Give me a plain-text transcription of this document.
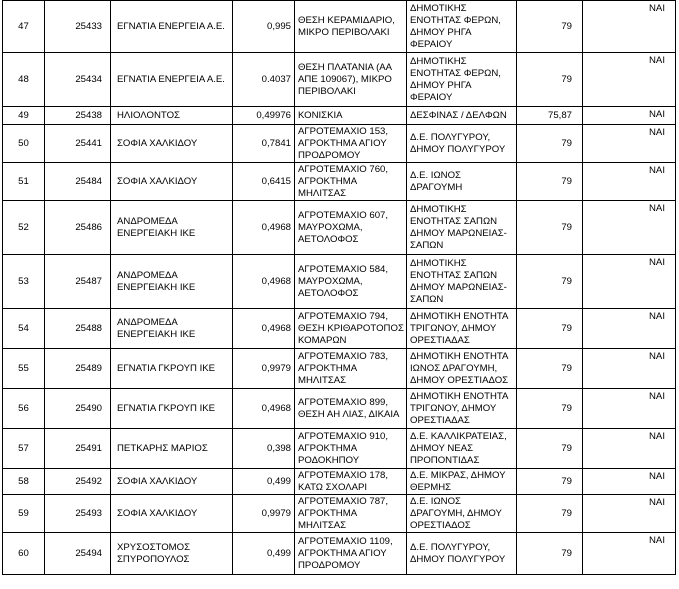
47	25433	ΕΓΝΑΤΙΑ ΕΝΕΡΓΕΙΑ Α.Ε.	0,995	ΘΕΣΗ ΚΕΡΑΜΙΔΑΡΙΟ,
ΜΙΚΡΟ ΠΕΡΙΒΟΛΑΚΙ	ΔΗΜΟΤΙΚΗΣ
ΕΝΟΤΗΤΑΣ ΦΕΡΩΝ,
ΔΗΜΟΥ ΡΗΓΑ
ΦΕΡΑΙΟΥ	79	ΝΑΙ
48	25434	ΕΓΝΑΤΙΑ ΕΝΕΡΓΕΙΑ Α.Ε.	0.4037	ΘΕΣΗ ΠΛΑΤΑΝΙΑ (ΑΑ
ΑΠΕ 109067), ΜΙΚΡΟ
ΠΕΡΙΒΟΛΑΚΙ	ΔΗΜΟΤΙΚΗΣ
ΕΝΟΤΗΤΑΣ ΦΕΡΩΝ,
ΔΗΜΟΥ ΡΗΓΑ
ΦΕΡΑΙΟΥ	79	ΝΑΙ
49	25438	ΗΛΙΟΛΟΝΤΟΣ	0,49976	ΚΟΝΙΣΚΙΑ	ΔΕΣΦΙΝΑΣ / ΔΕΛΦΩΝ	75,87	ΝΑΙ
50	25441	ΣΟΦΙΑ ΧΑΛΚΙΔΟΥ	0,7841	ΑΓΡΟΤΕΜΑΧΙΟ 153,
ΑΓΡΟΚΤΗΜΑ ΑΓΙΟΥ
ΠΡΟΔΡΟΜΟΥ	Δ.Ε. ΠΟΛΥΓΥΡΟΥ,
ΔΗΜΟΥ ΠΟΛΥΓΥΡΟΥ	79	ΝΑΙ
51	25484	ΣΟΦΙΑ ΧΑΛΚΙΔΟΥ	0,6415	ΑΓΡΟΤΕΜΑΧΙΟ 760,
ΑΓΡΟΚΤΗΜΑ
ΜΗΛΙΤΣΑΣ	Δ.Ε. ΙΩΝΟΣ
ΔΡΑΓΟΥΜΗ	79	ΝΑΙ
52	25486	ΑΝΔΡΟΜΕΔΑ
ΕΝΕΡΓΕΙΑΚΗ ΙΚΕ	0,4968	ΑΓΡΟΤΕΜΑΧΙΟ 607,
ΜΑΥΡΟΧΩΜΑ,
ΑΕΤΟΛΟΦΟΣ	ΔΗΜΟΤΙΚΗΣ
ΕΝΟΤΗΤΑΣ ΣΑΠΩΝ
ΔΗΜΟΥ ΜΑΡΩΝΕΙΑΣ-
ΣΑΠΩΝ	79	ΝΑΙ
53	25487	ΑΝΔΡΟΜΕΔΑ
ΕΝΕΡΓΕΙΑΚΗ ΙΚΕ	0,4968	ΑΓΡΟΤΕΜΑΧΙΟ 584,
ΜΑΥΡΟΧΩΜΑ,
ΑΕΤΟΛΟΦΟΣ	ΔΗΜΟΤΙΚΗΣ
ΕΝΟΤΗΤΑΣ ΣΑΠΩΝ
ΔΗΜΟΥ ΜΑΡΩΝΕΙΑΣ-
ΣΑΠΩΝ	79	ΝΑΙ
54	25488	ΑΝΔΡΟΜΕΔΑ
ΕΝΕΡΓΕΙΑΚΗ ΙΚΕ	0,4968	ΑΓΡΟΤΕΜΑΧΙΟ 794,
ΘΕΣΗ ΚΡΙΘΑΡΟΤΟΠΟΣ
ΚΟΜΑΡΩΝ	ΔΗΜΟΤΙΚΗ ΕΝΟΤΗΤΑ
ΤΡΙΓΩΝΟΥ, ΔΗΜΟΥ
ΟΡΕΣΤΙΑΔΑΣ	79	ΝΑΙ
55	25489	ΕΓΝΑΤΙΑ ΓΚΡΟΥΠ ΙΚΕ	0,9979	ΑΓΡΟΤΕΜΑΧΙΟ 783,
ΑΓΡΟΚΤΗΜΑ
ΜΗΛΙΤΣΑΣ	ΔΗΜΟΤΙΚΗ ΕΝΟΤΗΤΑ
ΙΩΝΟΣ ΔΡΑΓΟΥΜΗ,
ΔΗΜΟΥ ΟΡΕΣΤΙΑΔΟΣ	79	ΝΑΙ
56	25490	ΕΓΝΑΤΙΑ ΓΚΡΟΥΠ ΙΚΕ	0,4968	ΑΓΡΟΤΕΜΑΧΙΟ 899,
ΘΕΣΗ ΑΗ ΛΙΑΣ, ΔΙΚΑΙΑ	ΔΗΜΟΤΙΚΗ ΕΝΟΤΗΤΑ
ΤΡΙΓΩΝΟΥ, ΔΗΜΟΥ
ΟΡΕΣΤΙΑΔΑΣ	79	ΝΑΙ
57	25491	ΠΕΤΚΑΡΗΣ ΜΑΡΙΟΣ	0,398	ΑΓΡΟΤΕΜΑΧΙΟ 910,
ΑΓΡΟΚΤΗΜΑ
ΡΟΔΟΚΗΠΟΥ	Δ.Ε. ΚΑΛΛΙΚΡΑΤΕΙΑΣ,
ΔΗΜΟΥ ΝΕΑΣ
ΠΡΟΠΟΝΤΙΔΑΣ	79	ΝΑΙ
58	25492	ΣΟΦΙΑ ΧΑΛΚΙΔΟΥ	0,499	ΑΓΡΟΤΕΜΑΧΙΟ 178,
ΚΑΤΩ ΣΧΟΛΑΡΙ	Δ.Ε. ΜΙΚΡΑΣ, ΔΗΜΟΥ
ΘΕΡΜΗΣ	79	ΝΑΙ
59	25493	ΣΟΦΙΑ ΧΑΛΚΙΔΟΥ	0,9979	ΑΓΡΟΤΕΜΑΧΙΟ 787,
ΑΓΡΟΚΤΗΜΑ
ΜΗΛΙΤΣΑΣ	Δ.Ε. ΙΩΝΟΣ
ΔΡΑΓΟΥΜΗ, ΔΗΜΟΥ
ΟΡΕΣΤΙΑΔΟΣ	79	ΝΑΙ
60	25494	ΧΡΥΣΟΣΤΟΜΟΣ
ΣΠΥΡΟΠΟΥΛΟΣ	0,499	ΑΓΡΟΤΕΜΑΧΙΟ 1109,
ΑΓΡΟΚΤΗΜΑ ΑΓΙΟΥ
ΠΡΟΔΡΟΜΟΥ	Δ.Ε. ΠΟΛΥΓΥΡΟΥ,
ΔΗΜΟΥ ΠΟΛΥΓΥΡΟΥ	79	ΝΑΙ
